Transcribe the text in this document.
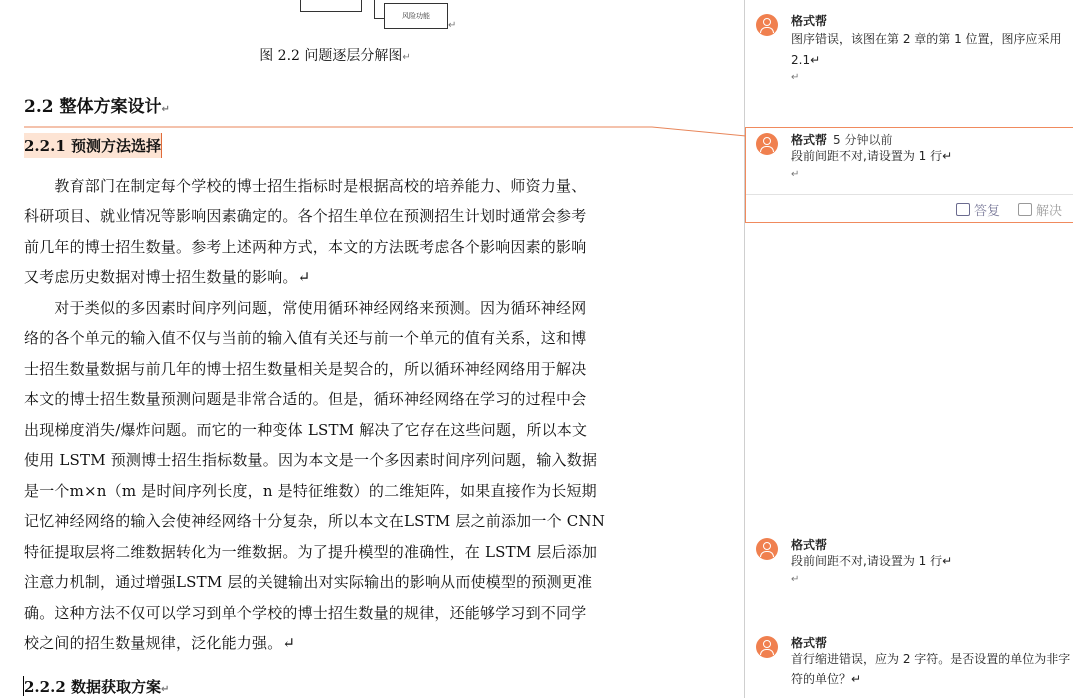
风险功能
↵
图 2.2 问题逐层分解图↵
2.2 整体方案设计↵
2.2.1 预测方法选择
　　教育部门在制定每个学校的博士招生指标时是根据高校的培养能力、师资力量、
科研项目、就业情况等影响因素确定的。各个招生单位在预测招生计划时通常会参考
前几年的博士招生数量。参考上述两种方式，本文的方法既考虑各个影响因素的影响
又考虑历史数据对博士招生数量的影响。↵
　　对于类似的多因素时间序列问题，常使用循环神经网络来预测。因为循环神经网
络的各个单元的输入值不仅与当前的输入值有关还与前一个单元的值有关系，这和博
士招生数量数据与前几年的博士招生数量相关是契合的，所以循环神经网络用于解决
本文的博士招生数量预测问题是非常合适的。但是，循环神经网络在学习的过程中会
出现梯度消失/爆炸问题。而它的一种变体 LSTM 解决了它存在这些问题，所以本文
使用 LSTM 预测博士招生指标数量。因为本文是一个多因素时间序列问题，输入数据
是一个m×n（m 是时间序列长度，n 是特征维数）的二维矩阵，如果直接作为长短期
记忆神经网络的输入会使神经网络十分复杂，所以本文在LSTM 层之前添加一个 CNN
特征提取层将二维数据转化为一维数据。为了提升模型的准确性，在 LSTM 层后添加
注意力机制，通过增强LSTM 层的关键输出对实际输出的影响从而使模型的预测更准
确。这种方法不仅可以学习到单个学校的博士招生数量的规律，还能够学习到不同学
校之间的招生数量规律，泛化能力强。↵
2.2.2 数据获取方案↵
格式帮
图序错误，该图在第 2 章的第 1 位置，图序应采用 2.1↵
↵
答复	解决
格式帮 5 分钟以前
段前间距不对,请设置为 1 行↵
↵
格式帮
段前间距不对,请设置为 1 行↵
↵
格式帮
首行缩进错误，应为 2 字符。是否设置的单位为非字符的单位？↵
